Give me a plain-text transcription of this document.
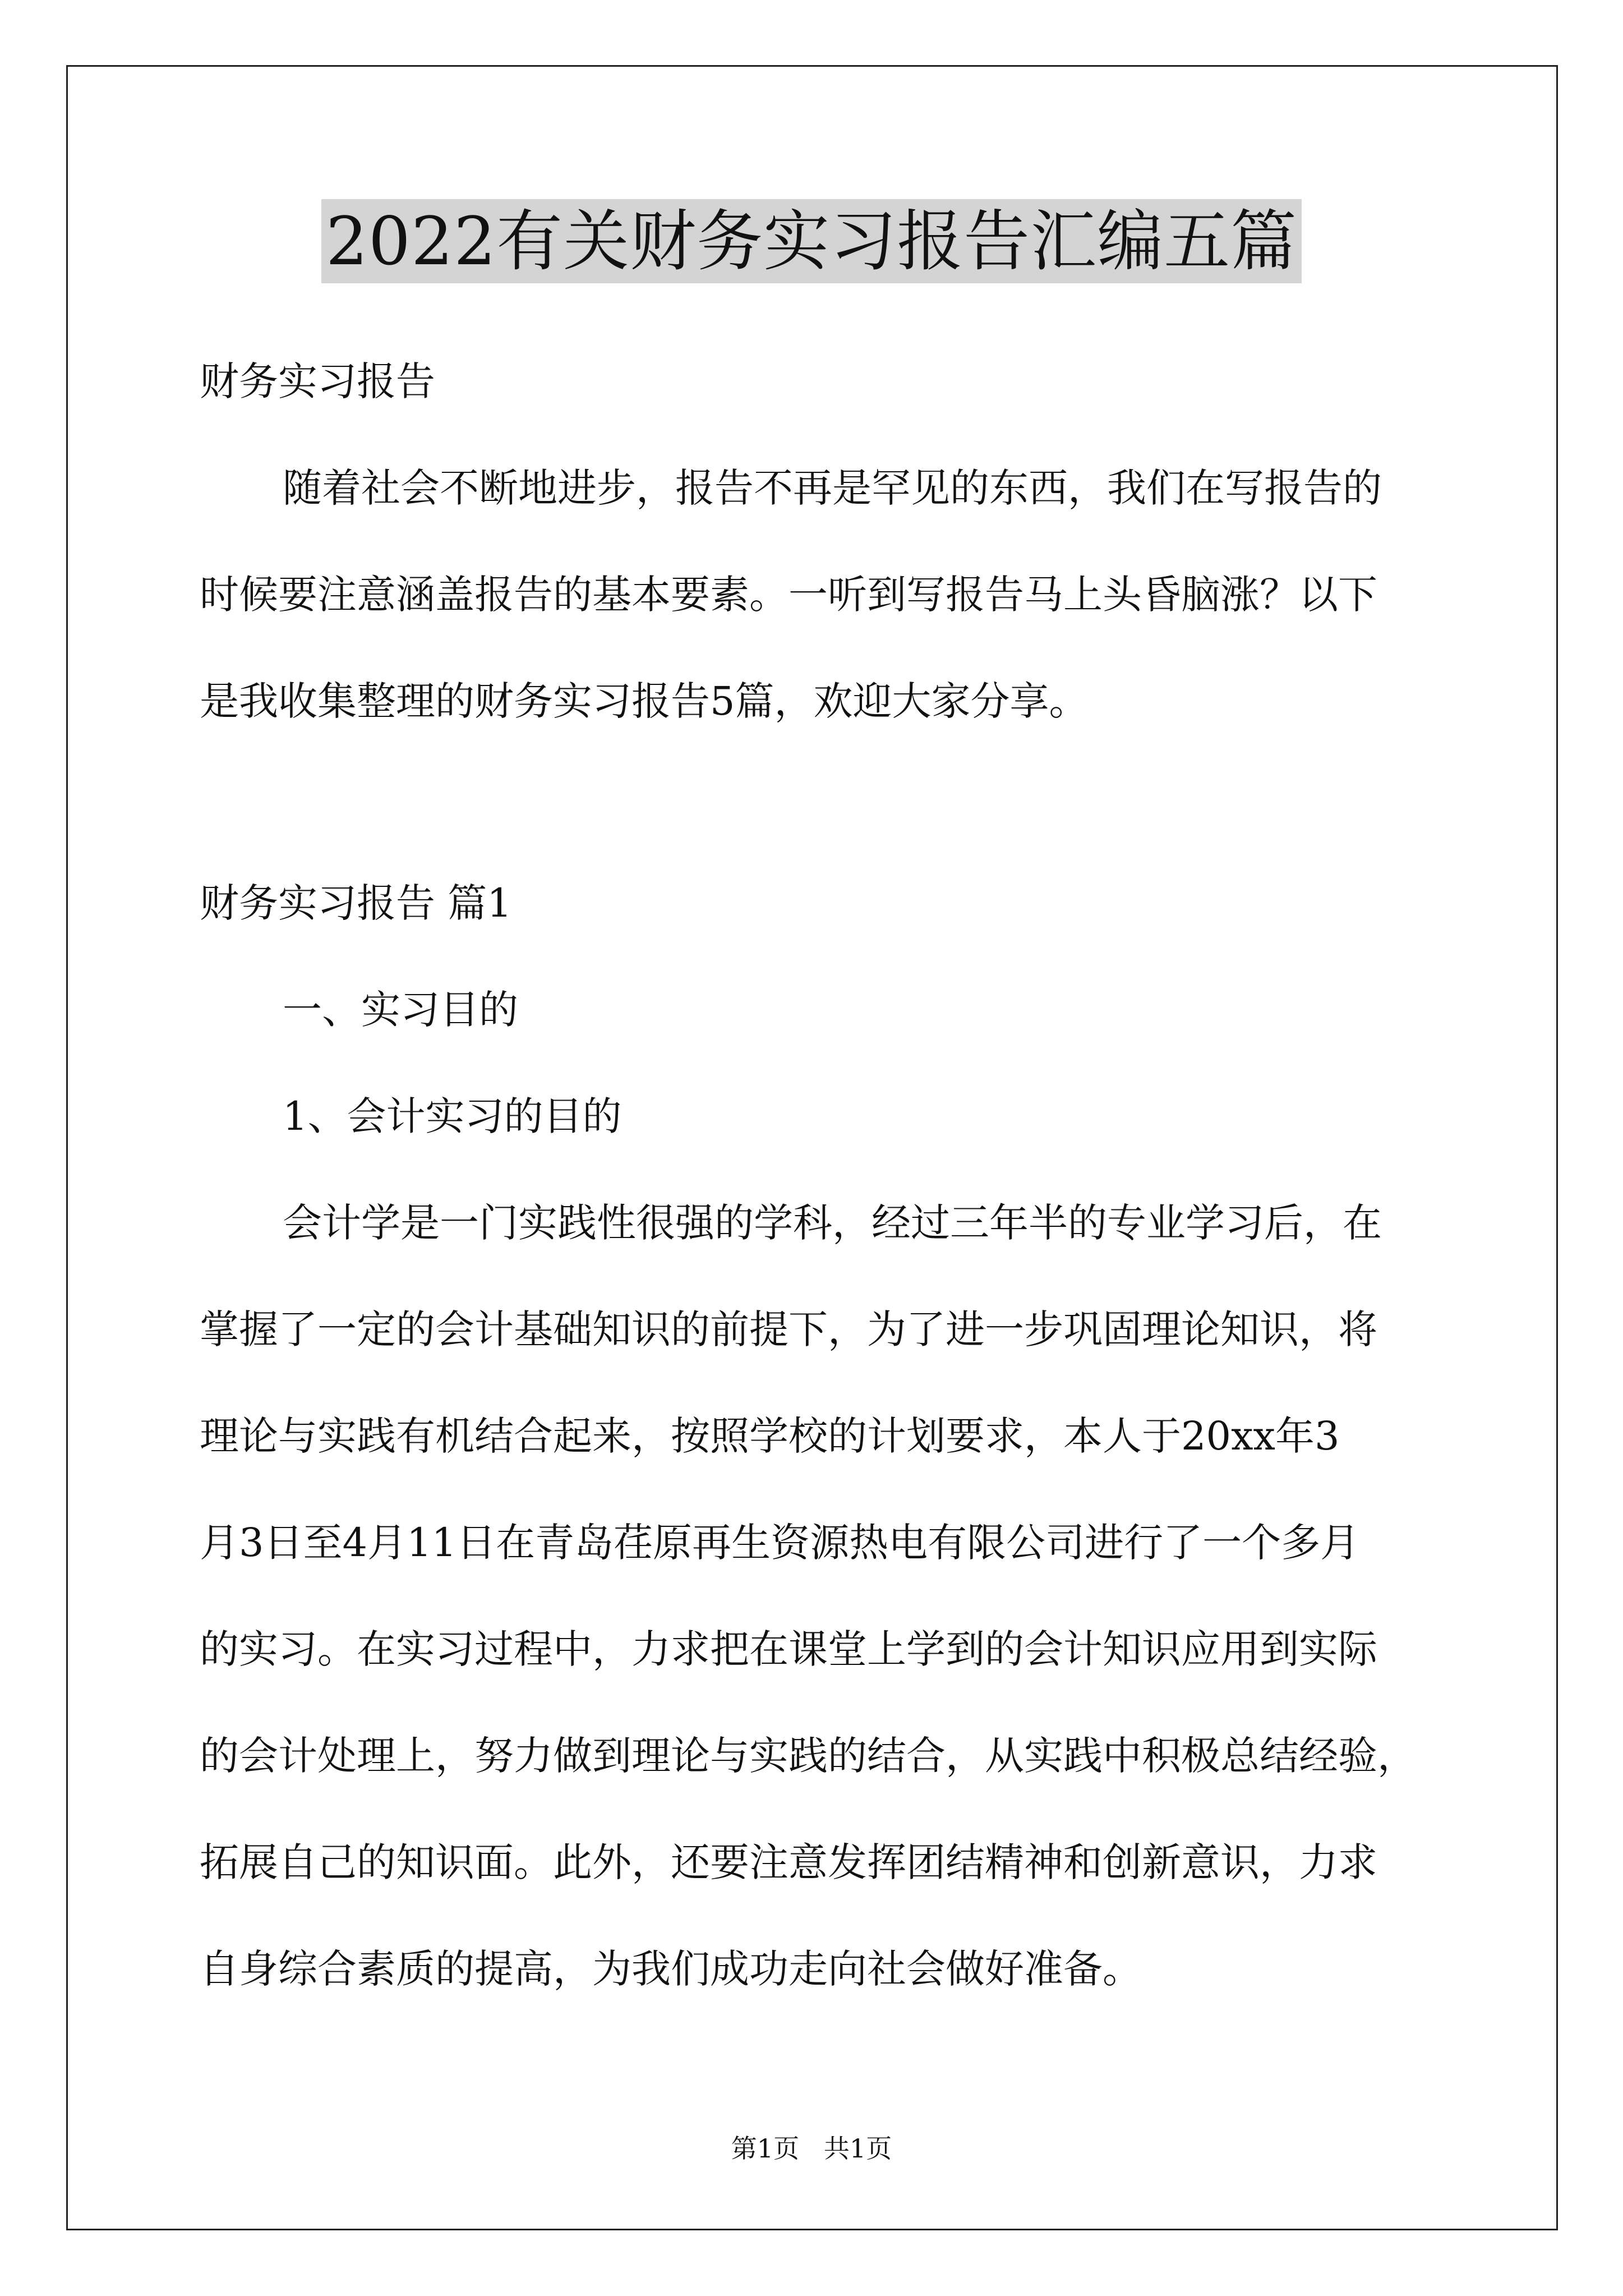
2022有关财务实习报告汇编五篇

财务实习报告

随着社会不断地进步，报告不再是罕见的东西，我们在写报告的

时候要注意涵盖报告的基本要素。一听到写报告马上头昏脑涨？以下

是我收集整理的财务实习报告5篇，欢迎大家分享。

财务实习报告 篇1

一、实习目的

1、会计实习的目的

会计学是一门实践性很强的学科，经过三年半的专业学习后，在

掌握了一定的会计基础知识的前提下，为了进一步巩固理论知识，将

理论与实践有机结合起来，按照学校的计划要求，本人于20xx年3

月3日至4月11日在青岛荏原再生资源热电有限公司进行了一个多月

的实习。在实习过程中，力求把在课堂上学到的会计知识应用到实际

的会计处理上，努力做到理论与实践的结合，从实践中积极总结经验，

拓展自己的知识面。此外，还要注意发挥团结精神和创新意识，力求

自身综合素质的提高，为我们成功走向社会做好准备。

第1页   共1页
